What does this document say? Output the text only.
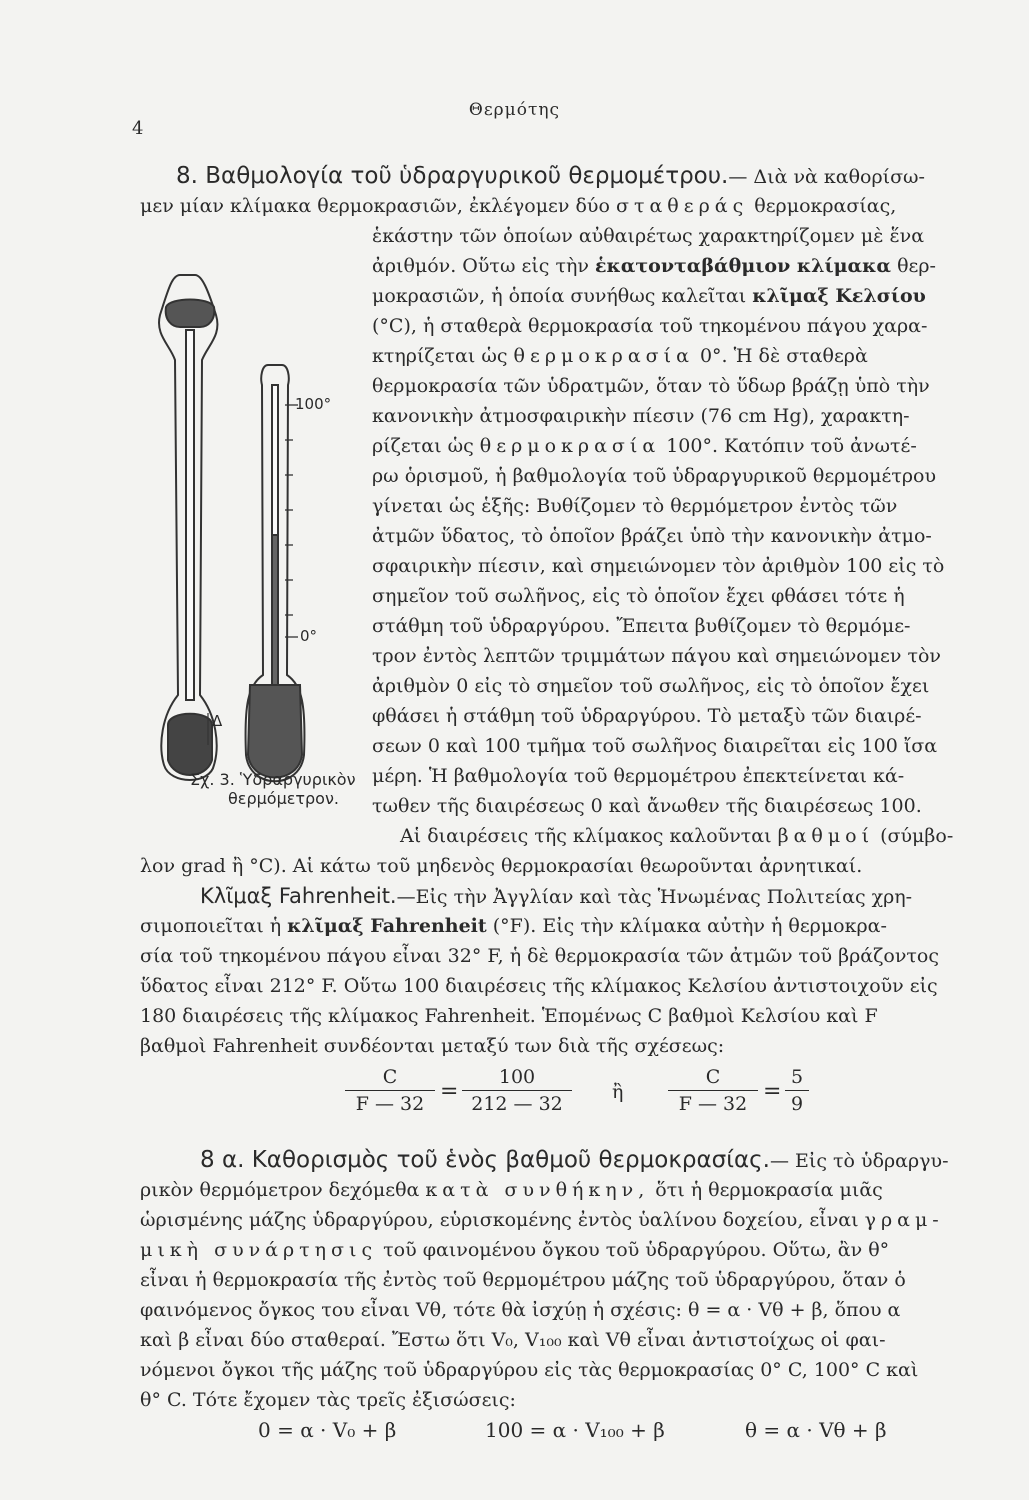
4
Θερμότης
8. Βαθμολογία τοῦ ὑδραργυρικοῦ θερμομέτρου.— Διὰ νὰ καθορίσω-
μεν μίαν κλίμακα θερμοκρασιῶν, ἐκλέγομεν δύο σταθεράς θερμοκρασίας,
ἑκάστην τῶν ὁποίων αὐθαιρέτως χαρακτηρίζομεν μὲ ἕνα
ἀριθμόν. Οὕτω εἰς τὴν ἑκατονταβάθμιον κλίμακα θερ-
μοκρασιῶν, ἡ ὁποία συνήθως καλεῖται κλῖμαξ Κελσίου
(°C), ἡ σταθερὰ θερμοκρασία τοῦ τηκομένου πάγου χαρα-
κτηρίζεται ὡς θερμοκρασία 0°. Ἡ δὲ σταθερὰ
θερμοκρασία τῶν ὑδρατμῶν, ὅταν τὸ ὕδωρ βράζῃ ὑπὸ τὴν
κανονικὴν ἀτμοσφαιρικὴν πίεσιν (76 cm Hg), χαρακτη-
ρίζεται ὡς θερμοκρασία 100°. Κατόπιν τοῦ ἀνωτέ-
ρω ὁρισμοῦ, ἡ βαθμολογία τοῦ ὑδραργυρικοῦ θερμομέτρου
γίνεται ὡς ἑξῆς: Βυθίζομεν τὸ θερμόμετρον ἐντὸς τῶν
ἀτμῶν ὕδατος, τὸ ὁποῖον βράζει ὑπὸ τὴν κανονικὴν ἀτμο-
σφαιρικὴν πίεσιν, καὶ σημειώνομεν τὸν ἀριθμὸν 100 εἰς τὸ
σημεῖον τοῦ σωλῆνος, εἰς τὸ ὁποῖον ἔχει φθάσει τότε ἡ
στάθμη τοῦ ὑδραργύρου. Ἔπειτα βυθίζομεν τὸ θερμόμε-
τρον ἐντὸς λεπτῶν τριμμάτων πάγου καὶ σημειώνομεν τὸν
ἀριθμὸν 0 εἰς τὸ σημεῖον τοῦ σωλῆνος, εἰς τὸ ὁποῖον ἔχει
φθάσει ἡ στάθμη τοῦ ὑδραργύρου. Τὸ μεταξὺ τῶν διαιρέ-
σεων 0 καὶ 100 τμῆμα τοῦ σωλῆνος διαιρεῖται εἰς 100 ἴσα
μέρη. Ἡ βαθμολογία τοῦ θερμομέτρου ἐπεκτείνεται κά-
τωθεν τῆς διαιρέσεως 0 καὶ ἄνωθεν τῆς διαιρέσεως 100.
Αἱ διαιρέσεις τῆς κλίμακος καλοῦνται βαθμοί (σύμβο-
λον grad ἢ °C). Αἱ κάτω τοῦ μηδενὸς θερμοκρασίαι θεωροῦνται ἀρνητικαί.
100°
0°
Δ
Σχ. 3. Ὑδραργυρικὸν
θερμόμετρον.
Κλῖμαξ Fahrenheit.—Εἰς τὴν Ἀγγλίαν καὶ τὰς Ἡνωμένας Πολιτείας χρη-
σιμοποιεῖται ἡ κλῖμαξ Fahrenheit (°F). Εἰς τὴν κλίμακα αὐτὴν ἡ θερμοκρα-
σία τοῦ τηκομένου πάγου εἶναι 32° F, ἡ δὲ θερμοκρασία τῶν ἀτμῶν τοῦ βράζοντος
ὕδατος εἶναι 212° F. Οὕτω 100 διαιρέσεις τῆς κλίμακος Κελσίου ἀντιστοιχοῦν εἰς
180 διαιρέσεις τῆς κλίμακος Fahrenheit. Ἑπομένως C βαθμοὶ Κελσίου καὶ F
βαθμοὶ Fahrenheit συνδέονται μεταξύ των διὰ τῆς σχέσεως:
C
F — 32 =
100
212 — 32
ἢ
C
F — 32 =
5
9
8 α. Καθορισμὸς τοῦ ἑνὸς βαθμοῦ θερμοκρασίας.— Εἰς τὸ ὑδραργυ-
ρικὸν θερμόμετρον δεχόμεθα κατὰ συνθήκην, ὅτι ἡ θερμοκρασία μιᾶς
ὡρισμένης μάζης ὑδραργύρου, εὑρισκομένης ἐντὸς ὑαλίνου δοχείου, εἶναι γραμ-
μικὴ συνάρτησις τοῦ φαινομένου ὄγκου τοῦ ὑδραργύρου. Οὕτω, ἂν θ°
εἶναι ἡ θερμοκρασία τῆς ἐντὸς τοῦ θερμομέτρου μάζης τοῦ ὑδραργύρου, ὅταν ὁ
φαινόμενος ὄγκος του εἶναι Vθ, τότε θὰ ἰσχύῃ ἡ σχέσις: θ = α · Vθ + β, ὅπου α
καὶ β εἶναι δύο σταθεραί. Ἔστω ὅτι V₀, V₁₀₀ καὶ Vθ εἶναι ἀντιστοίχως οἱ φαι-
νόμενοι ὄγκοι τῆς μάζης τοῦ ὑδραργύρου εἰς τὰς θερμοκρασίας 0° C, 100° C καὶ
θ° C. Τότε ἔχομεν τὰς τρεῖς ἐξισώσεις:
0 = α · V₀ + β	100 = α · V₁₀₀ + β	θ = α · Vθ + β
